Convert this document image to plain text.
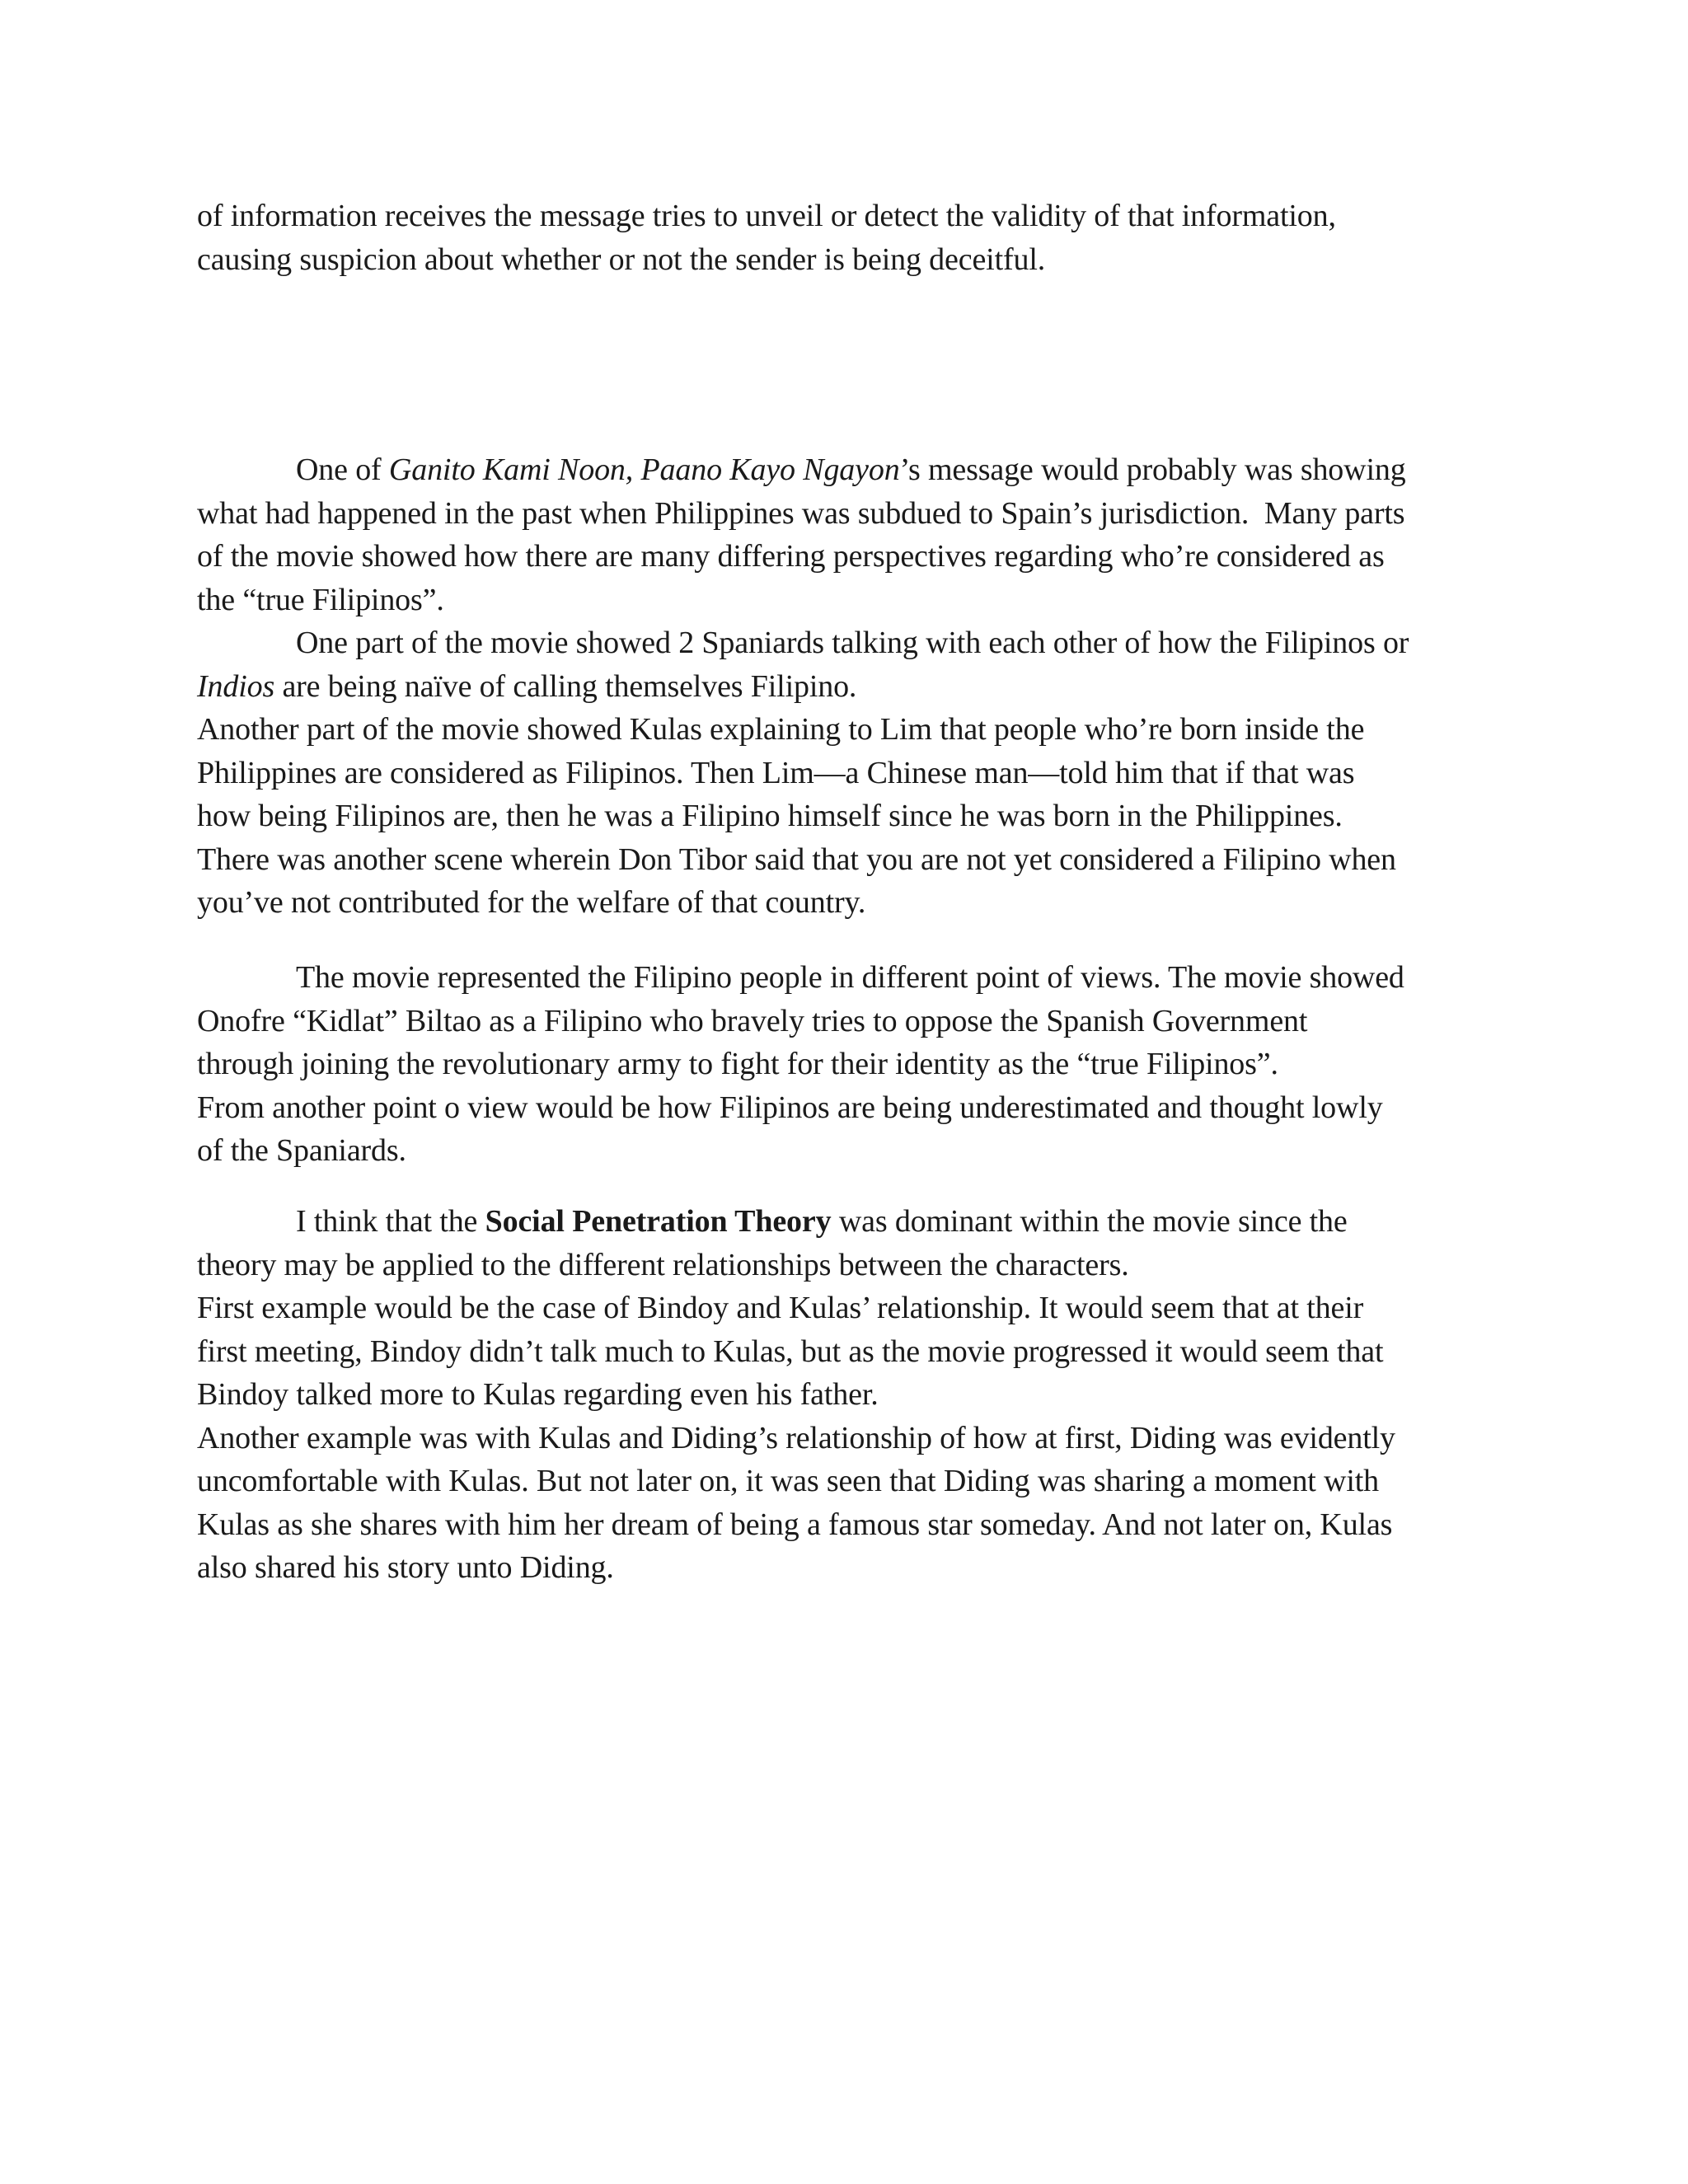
of information receives the message tries to unveil or detect the validity of that information,
causing suspicion about whether or not the sender is being deceitful.
One of Ganito Kami Noon, Paano Kayo Ngayon’s message would probably was showing
what had happened in the past when Philippines was subdued to Spain’s jurisdiction.  Many parts
of the movie showed how there are many differing perspectives regarding who’re considered as
the “true Filipinos”.
One part of the movie showed 2 Spaniards talking with each other of how the Filipinos or
Indios are being naïve of calling themselves Filipino.
Another part of the movie showed Kulas explaining to Lim that people who’re born inside the
Philippines are considered as Filipinos. Then Lim—a Chinese man—told him that if that was
how being Filipinos are, then he was a Filipino himself since he was born in the Philippines.
There was another scene wherein Don Tibor said that you are not yet considered a Filipino when
you’ve not contributed for the welfare of that country.
The movie represented the Filipino people in different point of views. The movie showed
Onofre “Kidlat” Biltao as a Filipino who bravely tries to oppose the Spanish Government
through joining the revolutionary army to fight for their identity as the “true Filipinos”.
From another point o view would be how Filipinos are being underestimated and thought lowly
of the Spaniards.
I think that the Social Penetration Theory was dominant within the movie since the
theory may be applied to the different relationships between the characters.
First example would be the case of Bindoy and Kulas’ relationship. It would seem that at their
first meeting, Bindoy didn’t talk much to Kulas, but as the movie progressed it would seem that
Bindoy talked more to Kulas regarding even his father.
Another example was with Kulas and Diding’s relationship of how at first, Diding was evidently
uncomfortable with Kulas. But not later on, it was seen that Diding was sharing a moment with
Kulas as she shares with him her dream of being a famous star someday. And not later on, Kulas
also shared his story unto Diding.
